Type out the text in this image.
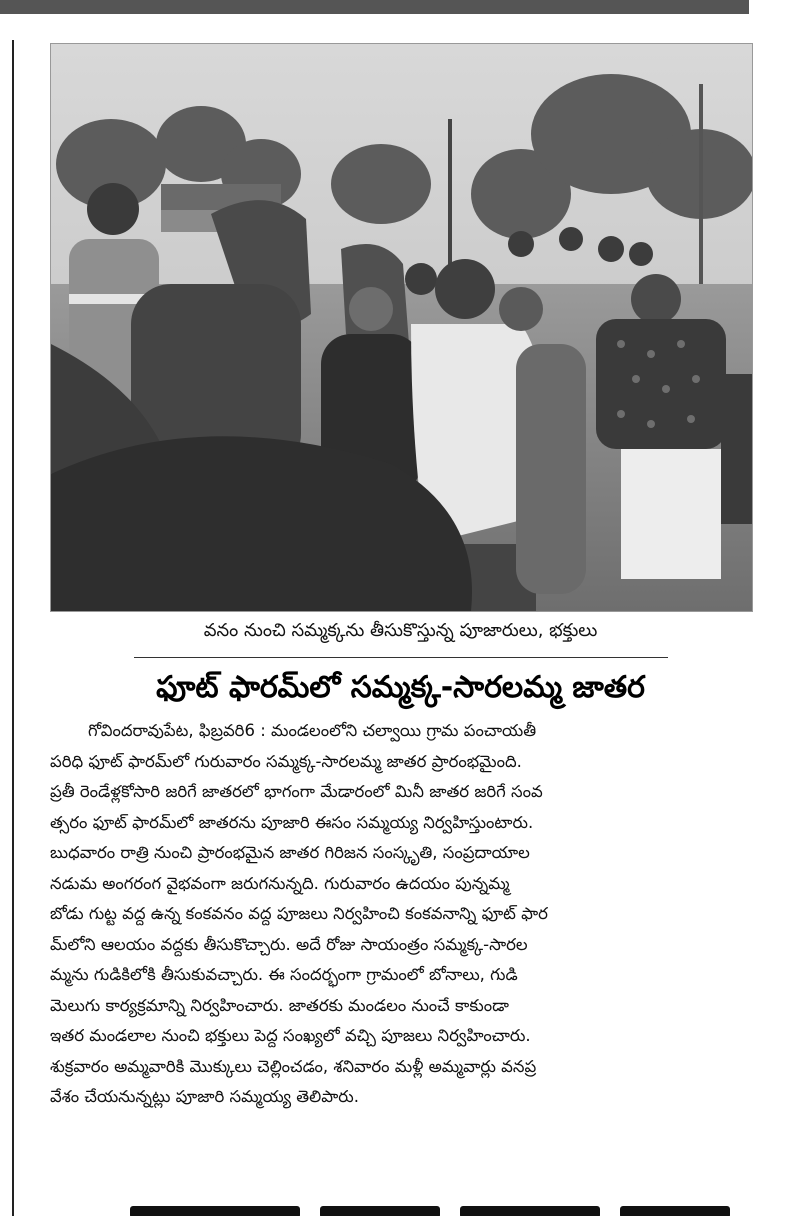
వనం నుంచి సమ్మక్కను తీసుకొస్తున్న పూజారులు, భక్తులు
ఫూట్ ఫారమ్‌లో సమ్మక్క-సారలమ్మ జాతర
గోవిందరావుపేట, ఫిబ్రవరి6 : మండలంలోని చల్వాయి గ్రామ పంచాయతీ
పరిధి ఫూట్ ఫారమ్‌లో గురువారం సమ్మక్క-సారలమ్మ జాతర ప్రారంభమైంది.
ప్రతీ రెండేళ్లకోసారి జరిగే జాతరలో భాగంగా మేడారంలో మినీ జాతర జరిగే సంవ
త్సరం ఫూట్ ఫారమ్‌లో జాతరను పూజారి ఈసం సమ్మయ్య నిర్వహిస్తుంటారు.
బుధవారం రాత్రి నుంచి ప్రారంభమైన జాతర గిరిజన సంస్కృతి, సంప్రదాయాల
నడుమ అంగరంగ వైభవంగా జరుగనున్నది. గురువారం ఉదయం పున్నమ్మ
బోడు గుట్ట వద్ద ఉన్న కంకవనం వద్ద పూజలు నిర్వహించి కంకవనాన్ని ఫూట్ ఫార
మ్‌లోని ఆలయం వద్దకు తీసుకొచ్చారు. అదే రోజు సాయంత్రం సమ్మక్క-సారల
మ్మను గుడికిలోకి తీసుకువచ్చారు. ఈ సందర్భంగా గ్రామంలో బోనాలు, గుడి
మెలుగు కార్యక్రమాన్ని నిర్వహించారు. జాతరకు మండలం నుంచే కాకుండా
ఇతర మండలాల నుంచి భక్తులు పెద్ద సంఖ్యలో వచ్చి పూజలు నిర్వహించారు.
శుక్రవారం అమ్మవారికి మొక్కులు చెల్లించడం, శనివారం మళ్లీ అమ్మవార్లు వనప్ర
వేశం చేయనున్నట్లు పూజారి సమ్మయ్య తెలిపారు.
